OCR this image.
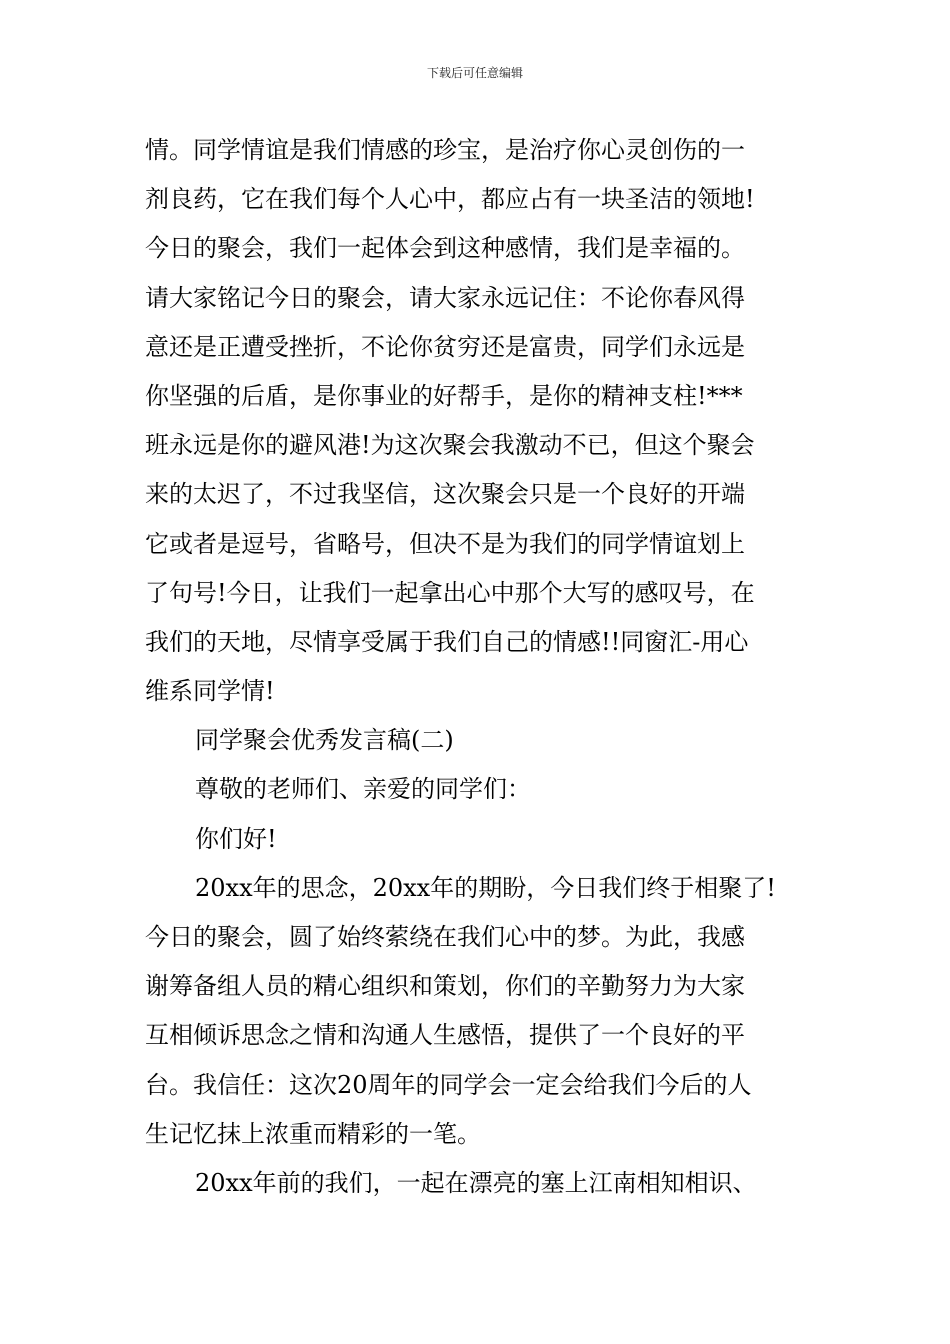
下载后可任意编辑
情。同学情谊是我们情感的珍宝，是治疗你心灵创伤的一
剂良药，它在我们每个人心中，都应占有一块圣洁的领地!
今日的聚会，我们一起体会到这种感情，我们是幸福的。
请大家铭记今日的聚会，请大家永远记住：不论你春风得
意还是正遭受挫折，不论你贫穷还是富贵，同学们永远是
你坚强的后盾，是你事业的好帮手，是你的精神支柱!***
班永远是你的避风港!为这次聚会我激动不已，但这个聚会
来的太迟了，不过我坚信，这次聚会只是一个良好的开端
它或者是逗号，省略号，但决不是为我们的同学情谊划上
了句号!今日，让我们一起拿出心中那个大写的感叹号，在
我们的天地，尽情享受属于我们自己的情感!!同窗汇-用心
维系同学情!
同学聚会优秀发言稿(二)
尊敬的老师们、亲爱的同学们：
你们好!
20xx年的思念，20xx年的期盼，今日我们终于相聚了!
今日的聚会，圆了始终萦绕在我们心中的梦。为此，我感
谢筹备组人员的精心组织和策划，你们的辛勤努力为大家
互相倾诉思念之情和沟通人生感悟，提供了一个良好的平
台。我信任：这次20周年的同学会一定会给我们今后的人
生记忆抹上浓重而精彩的一笔。
20xx年前的我们，一起在漂亮的塞上江南相知相识、
